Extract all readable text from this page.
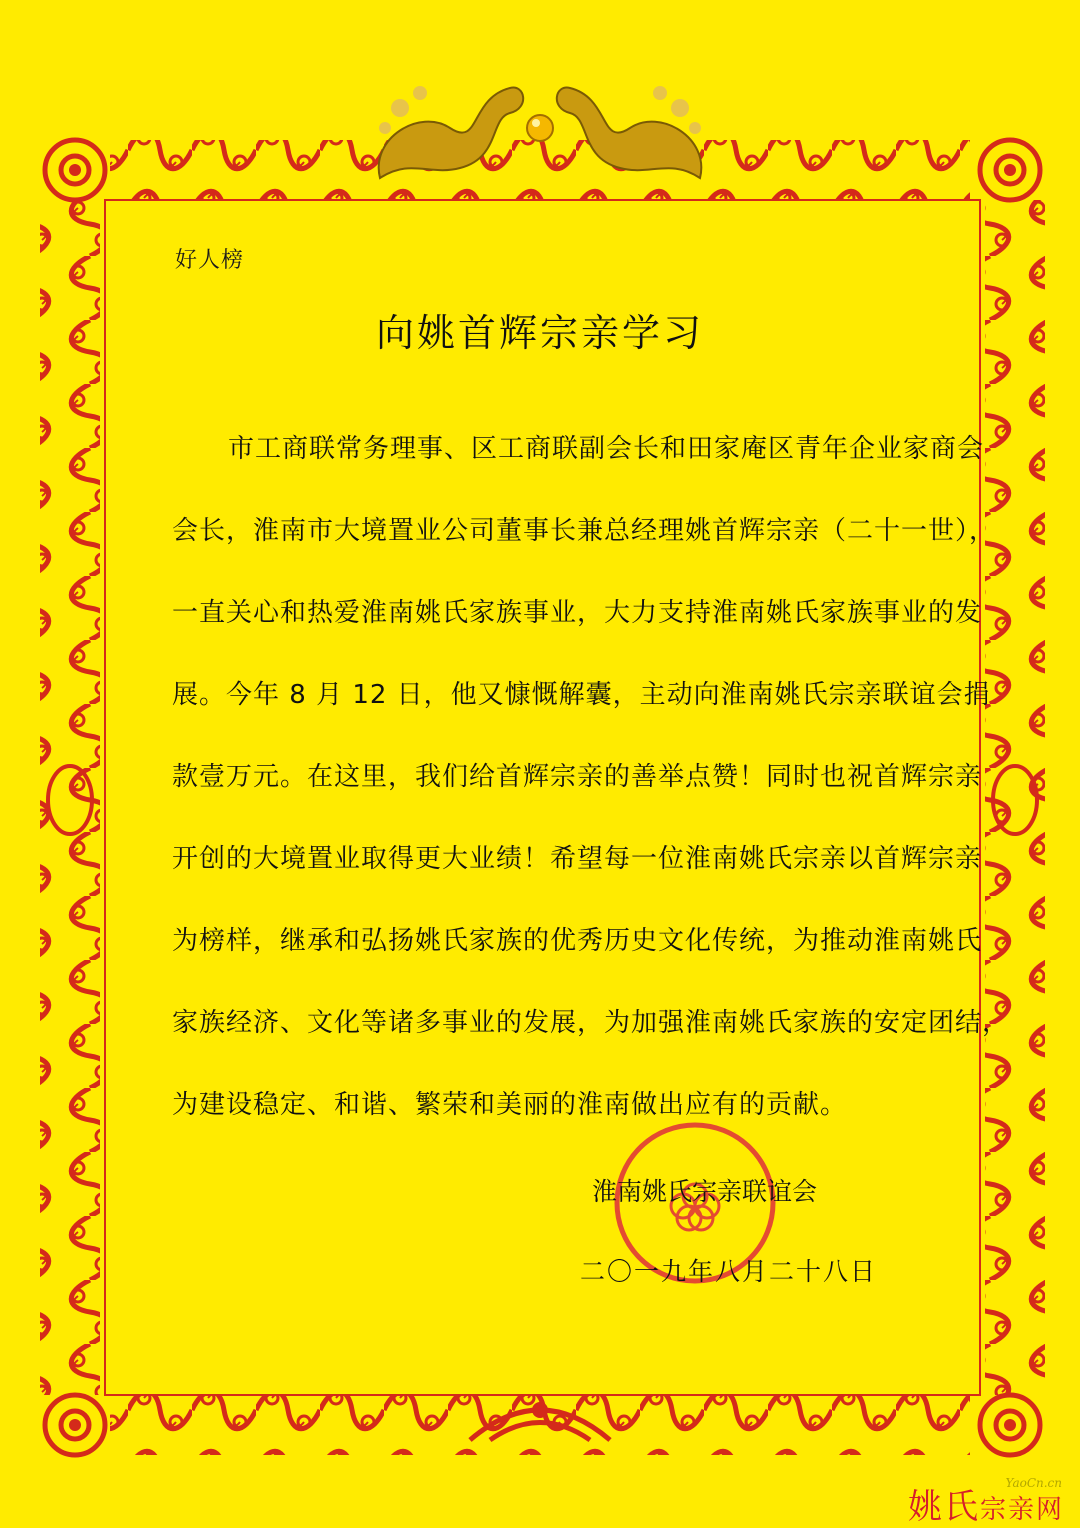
好人榜
向姚首辉宗亲学习
市工商联常务理事、区工商联副会长和田家庵区青年企业家商会
会长，淮南市大境置业公司董事长兼总经理姚首辉宗亲（二十一世），
一直关心和热爱淮南姚氏家族事业，大力支持淮南姚氏家族事业的发
展。今年 8 月 12 日，他又慷慨解囊，主动向淮南姚氏宗亲联谊会捐
款壹万元。在这里，我们给首辉宗亲的善举点赞！同时也祝首辉宗亲
开创的大境置业取得更大业绩！希望每一位淮南姚氏宗亲以首辉宗亲
为榜样，继承和弘扬姚氏家族的优秀历史文化传统，为推动淮南姚氏
家族经济、文化等诸多事业的发展，为加强淮南姚氏家族的安定团结，
为建设稳定、和谐、繁荣和美丽的淮南做出应有的贡献。
淮南姚氏宗亲联谊会
二〇一九年八月二十八日
YaoCn.cn
姚氏宗亲网
